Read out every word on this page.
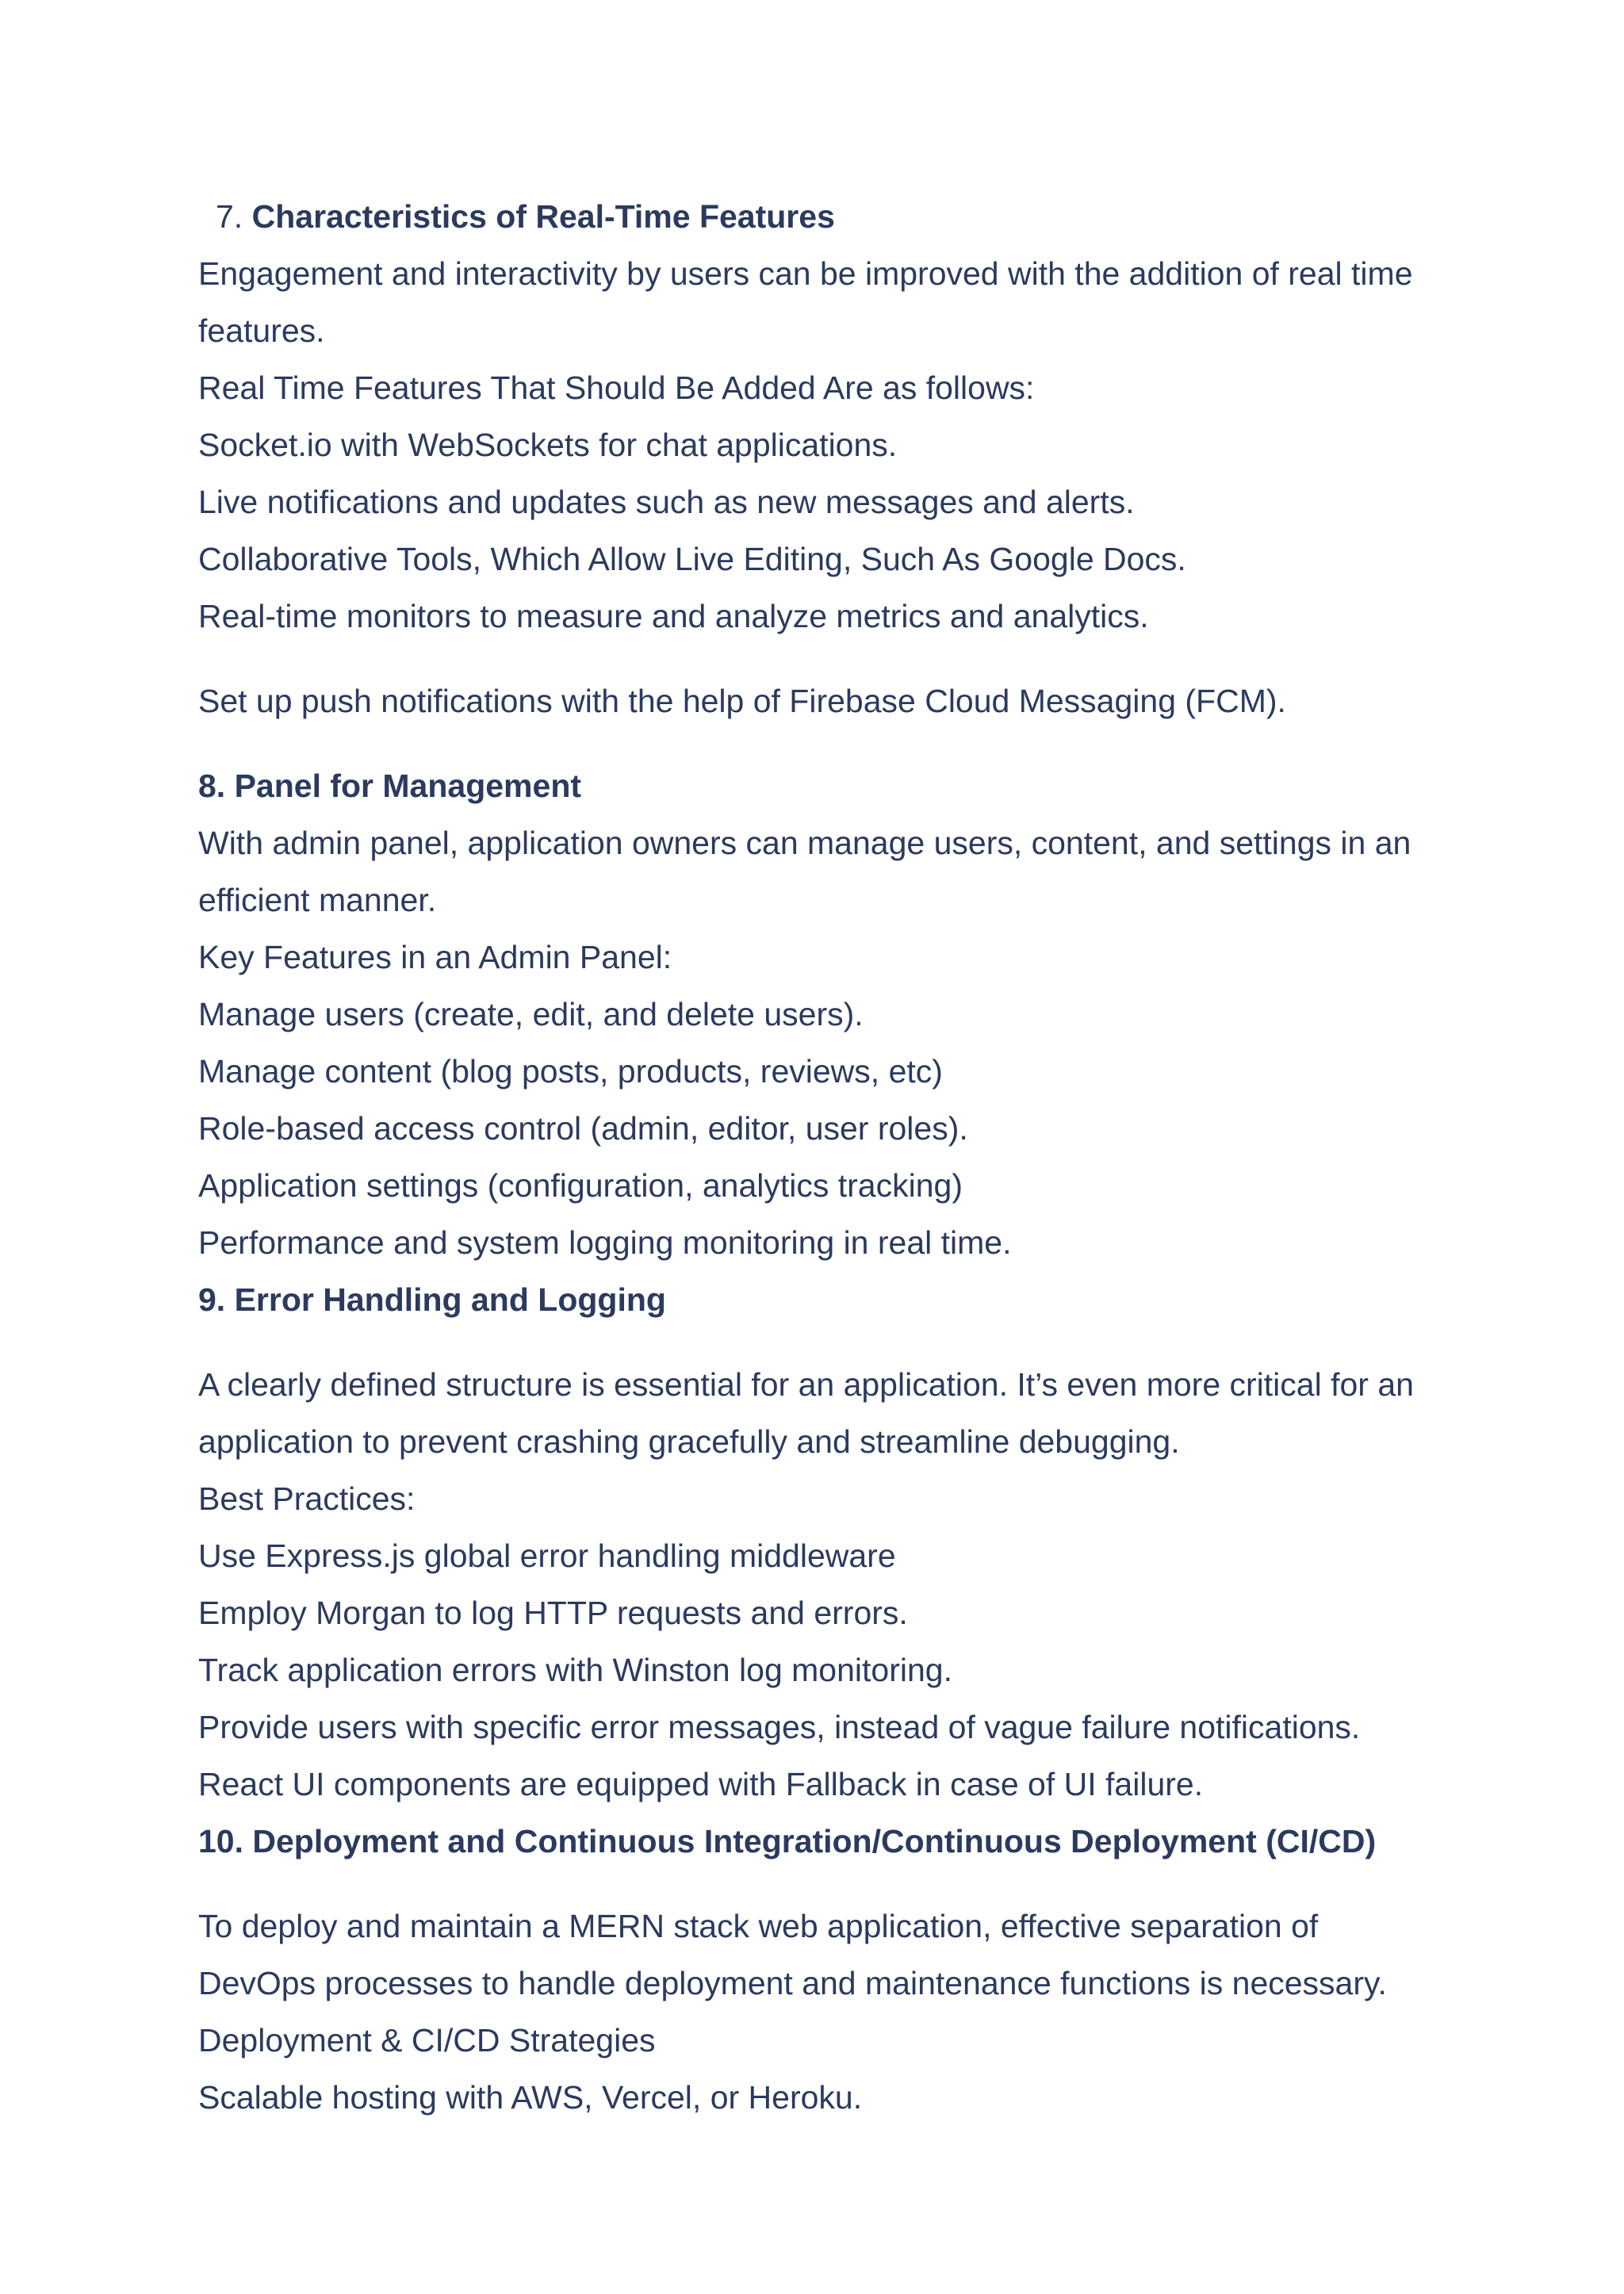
7. Characteristics of Real-Time Features
Engagement and interactivity by users can be improved with the addition of real time
features.
Real Time Features That Should Be Added Are as follows:
Socket.io with WebSockets for chat applications.
Live notifications and updates such as new messages and alerts.
Collaborative Tools, Which Allow Live Editing, Such As Google Docs.
Real-time monitors to measure and analyze metrics and analytics.
Set up push notifications with the help of Firebase Cloud Messaging (FCM).
8. Panel for Management
With admin panel, application owners can manage users, content, and settings in an
efficient manner.
Key Features in an Admin Panel:
Manage users (create, edit, and delete users).
Manage content (blog posts, products, reviews, etc)
Role-based access control (admin, editor, user roles).
Application settings (configuration, analytics tracking)
Performance and system logging monitoring in real time.
9. Error Handling and Logging
A clearly defined structure is essential for an application. It’s even more critical for an
application to prevent crashing gracefully and streamline debugging.
Best Practices:
Use Express.js global error handling middleware
Employ Morgan to log HTTP requests and errors.
Track application errors with Winston log monitoring.
Provide users with specific error messages, instead of vague failure notifications.
React UI components are equipped with Fallback in case of UI failure.
10. Deployment and Continuous Integration/Continuous Deployment (CI/CD)
To deploy and maintain a MERN stack web application, effective separation of
DevOps processes to handle deployment and maintenance functions is necessary.
Deployment & CI/CD Strategies
Scalable hosting with AWS, Vercel, or Heroku.
